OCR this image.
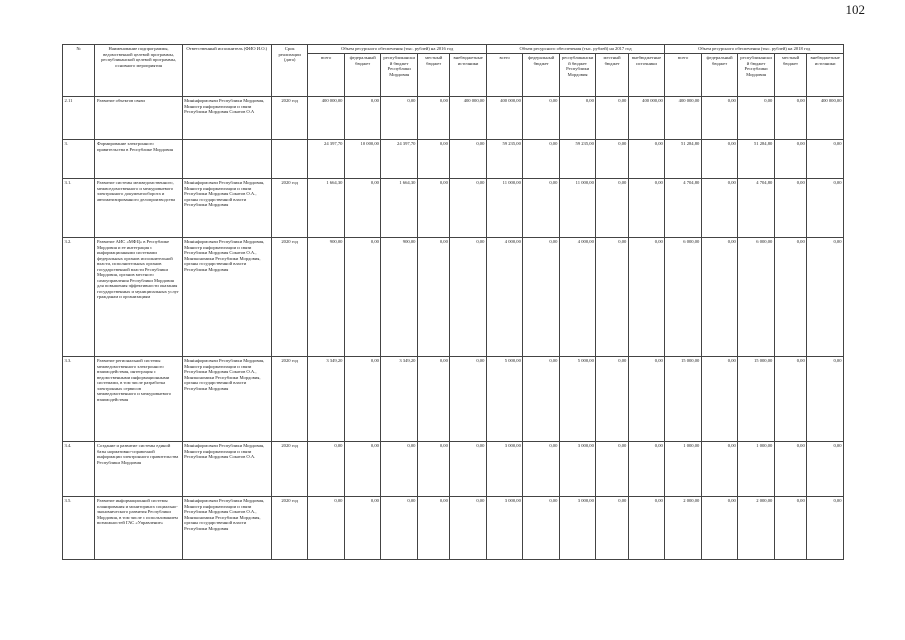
102
№	Наименование подпрограммы, ведомственной целевой программы, республиканской целевой программы, основного мероприятия	Ответственный исполнитель (ФИО И.О.)	Срок реализации (дата)	Объем ресурсного обеспечения (тыс. рублей) на 2016 год					Объем ресурсного обеспечения (тыс. рублей) на 2017 год					Объем ресурсного обеспечения (тыс. рублей) на 2018 год				
				всего	федеральный бюджет	республиканский бюджет Республики Мордовия	местный бюджет	внебюджетные источники	всего	федеральный бюджет	республиканский бюджет Республики Мордовия	местный бюджет	внебюджетные источники	всего	федеральный бюджет	республиканский бюджет Республики Мордовия	местный бюджет	внебюджетные источники
2.11	Развитие объектов связи	Минінформсвязи Республики Мордовия, Министр информатизации и связи Республики Мордовия Сокатов О.А	2020 год	400 000,00	0,00	0,00	0,00	400 000,00	400 000,00	0,00	0,00	0,00	400 000,00	400 000,00	0,00	0,00	0,00	400 000,00
3.	Формирование электронного правительства в Республике Мордовия			24 397,70	10 000,00	24 397,70	0,00	0,00	59 235,00	0,00	59 235,00	0,00	0,00	51 284,80	0,00	51 284,80	0,00	0,00
3.1.	Развитие системы межведомственного, межвседомственного и межуровневого электронного документооборота и автоматизированного делопроизводства	Минінформсвязи Республики Мордовия, Министр информатизации и связи Республики Мордовия Сокатов О.А., органы государственной власти Республики Мордовия	2020 год	1 664,30	0,00	1 664,30	0,00	0,00	11 000,00	0,00	11 000,00	0,00	0,00	4 704,80	0,00	4 704,80	0,00	0,00
3.2.	Развитие АИС «МФЦ» в Республике Мордовия и ее интеграция с информационными системами федеральных органов исполнительной власти, исполнительных органов государственной власти Республики Мордовия, органов местного самоуправления Республики Мордовия для повышения эффективности оказания государственных и муниципальных услуг гражданам и организациям	Минінформсвязи Республики Мордовия, Министр информатизации и связи Республики Мордовия Сокатов О.А., Минэкономики Республики Мордовия, органы государственной власти Республики Мордовия	2020 год	900,00	0,00	900,00	0,00	0,00	4 000,00	0,00	4 000,00	0,00	0,00	6 000,00	0,00	6 000,00	0,00	0,00
3.3.	Развитие региональной системы межведомственного электронного взаимодействия, интеграция с ведомственными информационными системами, в том числе разработка электронных сервисов межведомственного и межуровневого взаимодействия	Минінформсвязи Республики Мордовия, Министр информатизации и связи Республики Мордовия Сокатов О.А., Минэкономики Республики Мордовия, органы государственной власти Республики Мордовия	2020 год	3 349,20	0,00	3 349,20	0,00	0,00	5 000,00	0,00	5 000,00	0,00	0,00	15 000,00	0,00	15 000,00	0,00	0,00
3.4.	Создание и развитие системы единой базы нормативно-справочной информации электронного правительства Республики Мордовия	Минінформсвязи Республики Мордовия, Министр информатизации и связи Республики Мордовия Сокатов О.А.	2020 год	0,00	0,00	0,00	0,00	0,00	3 000,00	0,00	3 000,00	0,00	0,00	1 000,00	0,00	1 000,00	0,00	0,00
3.5.	Развитие информационной системы планирования и мониторинга социально-экономического развития Республики Мордовия, в том числе с использованием возможностей ГАС «Управление»	Минінформсвязи Республики Мордовия, Министр информатизации и связи Республики Мордовия Сокатов О.А., Минэкономики Республики Мордовия, органы государственной власти Республики Мордовия	2020 год	0,00	0,00	0,00	0,00	0,00	3 000,00	0,00	3 000,00	0,00	0,00	2 000,00	0,00	2 000,00	0,00	0,00
